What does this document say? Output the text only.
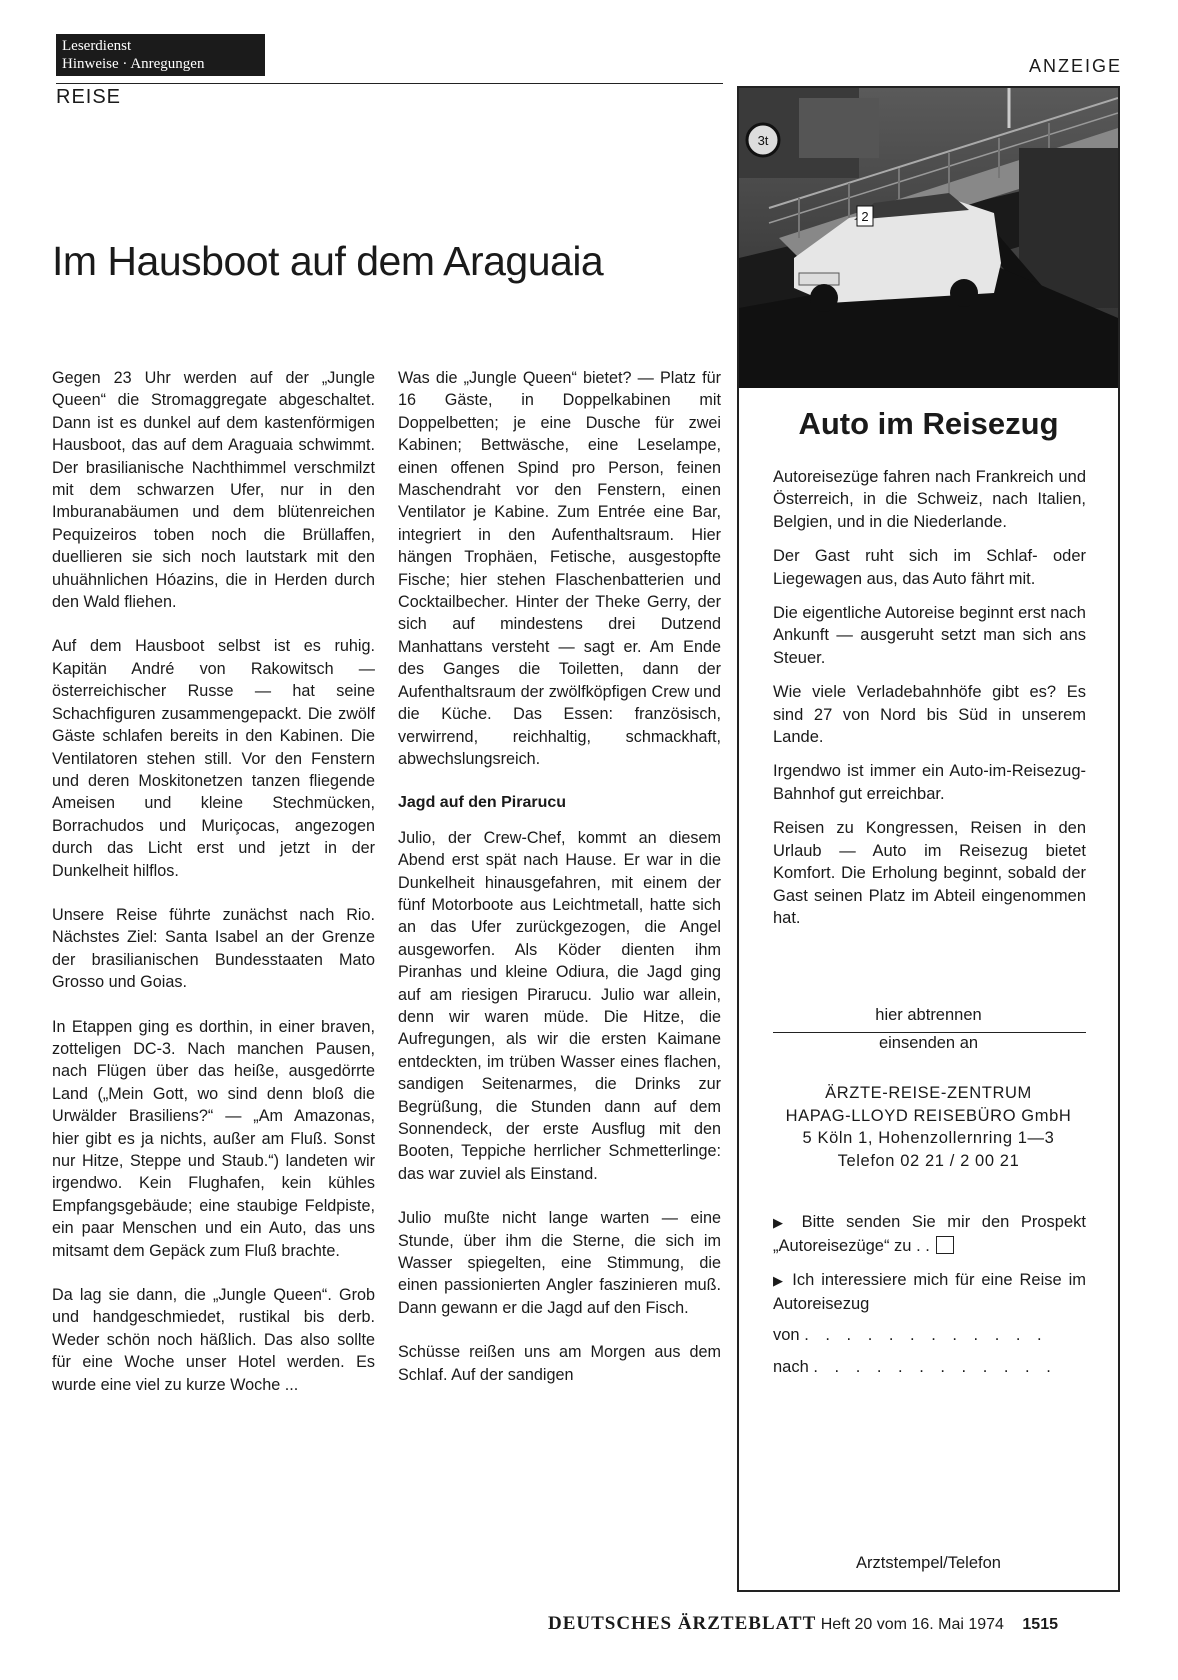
Leserdienst
Hinweise · Anregungen
REISE
ANZEIGE
Im Hausboot auf dem Araguaia

Gegen 23 Uhr werden auf der „Jungle Queen“ die Stromaggregate abgeschaltet. Dann ist es dunkel auf dem kastenförmigen Hausboot, das auf dem Araguaia schwimmt. Der brasilianische Nachthimmel verschmilzt mit dem schwarzen Ufer, nur in den Imburanabäumen und dem blütenreichen Pequizeiros toben noch die Brüllaffen, duellieren sie sich noch lautstark mit den uhuähnlichen Hóazins, die in Herden durch den Wald fliehen.

Auf dem Hausboot selbst ist es ruhig. Kapitän André von Rakowitsch — österreichischer Russe — hat seine Schachfiguren zusammengepackt. Die zwölf Gäste schlafen bereits in den Kabinen. Die Ventilatoren stehen still. Vor den Fenstern und deren Moskitonetzen tanzen fliegende Ameisen und kleine Stechmücken, Borrachudos und Muriçocas, angezogen durch das Licht erst und jetzt in der Dunkelheit hilflos.

Unsere Reise führte zunächst nach Rio. Nächstes Ziel: Santa Isabel an der Grenze der brasilianischen Bundesstaaten Mato Grosso und Goias.

In Etappen ging es dorthin, in einer braven, zotteligen DC-3. Nach manchen Pausen, nach Flügen über das heiße, ausgedörrte Land („Mein Gott, wo sind denn bloß die Urwälder Brasiliens?“ — „Am Amazonas, hier gibt es ja nichts, außer am Fluß. Sonst nur Hitze, Steppe und Staub.“) landeten wir irgendwo. Kein Flughafen, kein kühles Empfangsgebäude; eine staubige Feldpiste, ein paar Menschen und ein Auto, das uns mitsamt dem Gepäck zum Fluß brachte.

Da lag sie dann, die „Jungle Queen“. Grob und handgeschmiedet, rustikal bis derb. Weder schön noch häßlich. Das also sollte für eine Woche unser Hotel werden. Es wurde eine viel zu kurze Woche ...

Was die „Jungle Queen“ bietet? — Platz für 16 Gäste, in Doppelkabinen mit Doppelbetten; je eine Dusche für zwei Kabinen; Bettwäsche, eine Leselampe, einen offenen Spind pro Person, feinen Maschendraht vor den Fenstern, einen Ventilator je Kabine. Zum Entrée eine Bar, integriert in den Aufenthaltsraum. Hier hängen Trophäen, Fetische, ausgestopfte Fische; hier stehen Flaschenbatterien und Cocktailbecher. Hinter der Theke Gerry, der sich auf mindestens drei Dutzend Manhattans versteht — sagt er. Am Ende des Ganges die Toiletten, dann der Aufenthaltsraum der zwölfköpfigen Crew und die Küche. Das Essen: französisch, verwirrend, reichhaltig, schmackhaft, abwechslungsreich.

Jagd auf den Pirarucu

Julio, der Crew-Chef, kommt an diesem Abend erst spät nach Hause. Er war in die Dunkelheit hinausgefahren, mit einem der fünf Motorboote aus Leichtmetall, hatte sich an das Ufer zurückgezogen, die Angel ausgeworfen. Als Köder dienten ihm Piranhas und kleine Odiura, die Jagd ging auf am riesigen Pirarucu. Julio war allein, denn wir waren müde. Die Hitze, die Aufregungen, als wir die ersten Kaimane entdeckten, im trüben Wasser eines flachen, sandigen Seitenarmes, die Drinks zur Begrüßung, die Stunden dann auf dem Sonnendeck, der erste Ausflug mit den Booten, Teppiche herrlicher Schmetterlinge: das war zuviel als Einstand.

Julio mußte nicht lange warten — eine Stunde, über ihm die Sterne, die sich im Wasser spiegelten, eine Stimmung, die einen passionierten Angler faszinieren muß. Dann gewann er die Jagd auf den Fisch.

Schüsse reißen uns am Morgen aus dem Schlaf. Auf der sandigen

3t
2
Auto im Reisezug

Autoreisezüge fahren nach Frankreich und Österreich, in die Schweiz, nach Italien, Belgien, und in die Niederlande.

Der Gast ruht sich im Schlaf- oder Liegewagen aus, das Auto fährt mit.

Die eigentliche Autoreise beginnt erst nach Ankunft — ausgeruht setzt man sich ans Steuer.

Wie viele Verladebahnhöfe gibt es? Es sind 27 von Nord bis Süd in unserem Lande.

Irgendwo ist immer ein Auto-im-Reisezug-Bahnhof gut erreichbar.

Reisen zu Kongressen, Reisen in den Urlaub — Auto im Reisezug bietet Komfort. Die Erholung beginnt, sobald der Gast seinen Platz im Abteil eingenommen hat.

hier abtrennen
einsenden an
ÄRZTE-REISE-ZENTRUM
HAPAG-LLOYD REISEBÜRO GmbH
5 Köln 1, Hohenzollernring 1—3
Telefon 02 21 / 2 00 21

▶ Bitte senden Sie mir den Prospekt „Autoreisezüge“ zu . .

▶ Ich interessiere mich für eine Reise im Autoreisezug

von . . . . . . . . . . . .
nach . . . . . . . . . . . .
Arztstempel/Telefon
DEUTSCHES ÄRZTEBLATT Heft 20 vom 16. Mai 1974 1515
